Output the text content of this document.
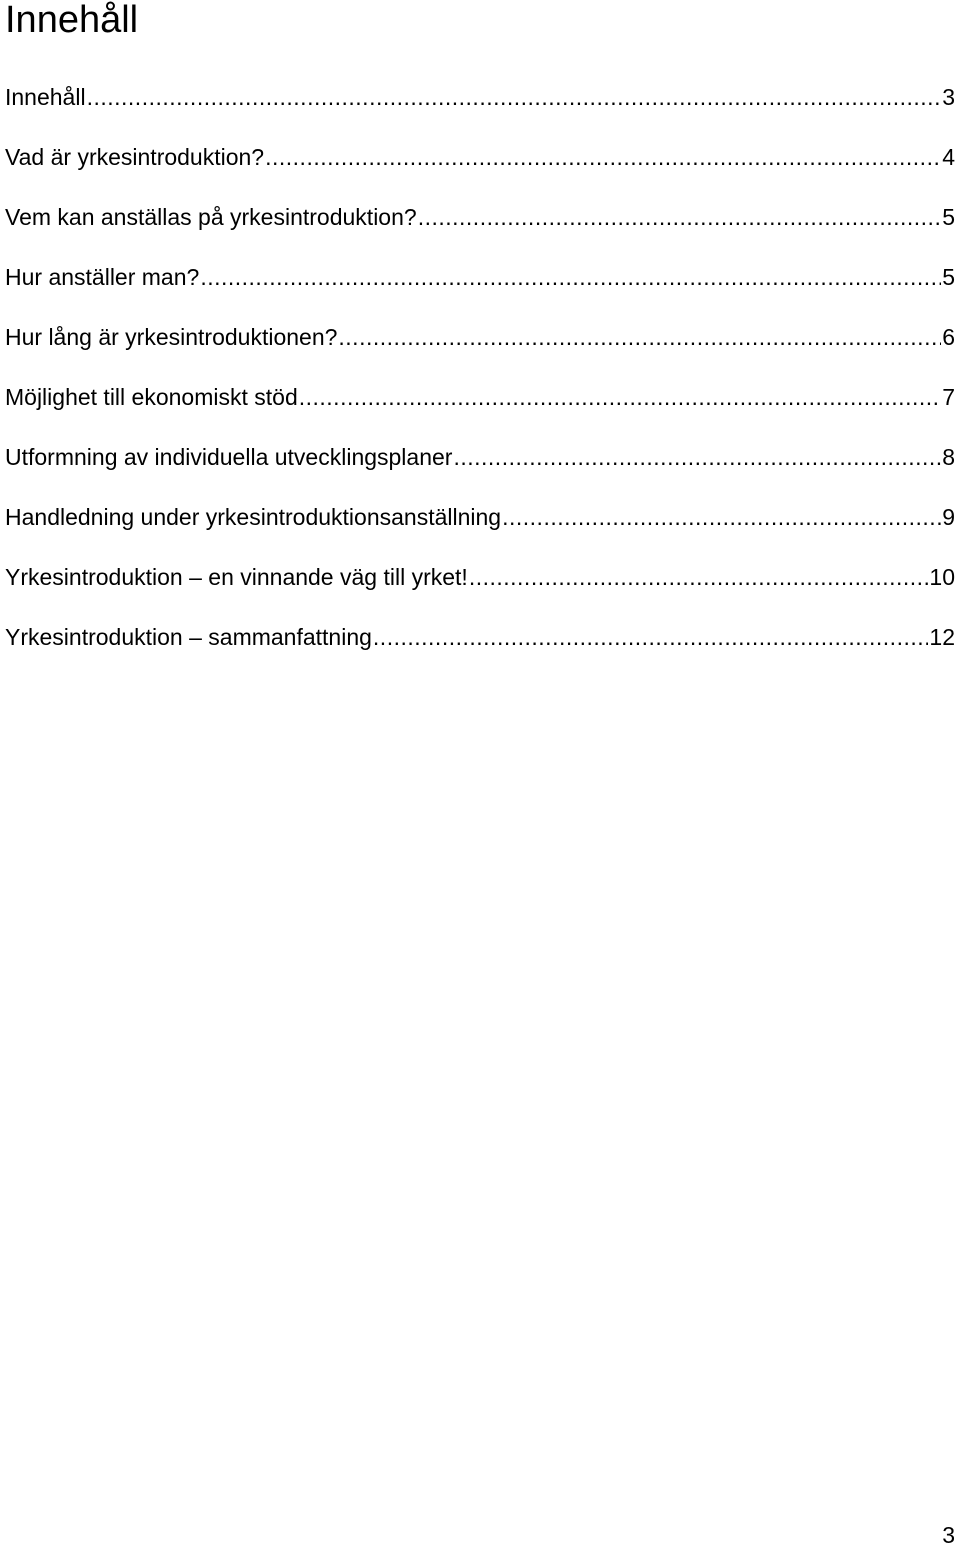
Innehåll
Innehåll .....	3
Vad är yrkesintroduktion? .....	4
Vem kan anställas på yrkesintroduktion? .....	5
Hur anställer man? .....	5
Hur lång är yrkesintroduktionen? .....	6
Möjlighet till ekonomiskt stöd .....	7
Utformning av individuella utvecklingsplaner .....	8
Handledning under yrkesintroduktionsanställning .....	9
Yrkesintroduktion – en vinnande väg till yrket! .....	10
Yrkesintroduktion – sammanfattning .....	12
3
